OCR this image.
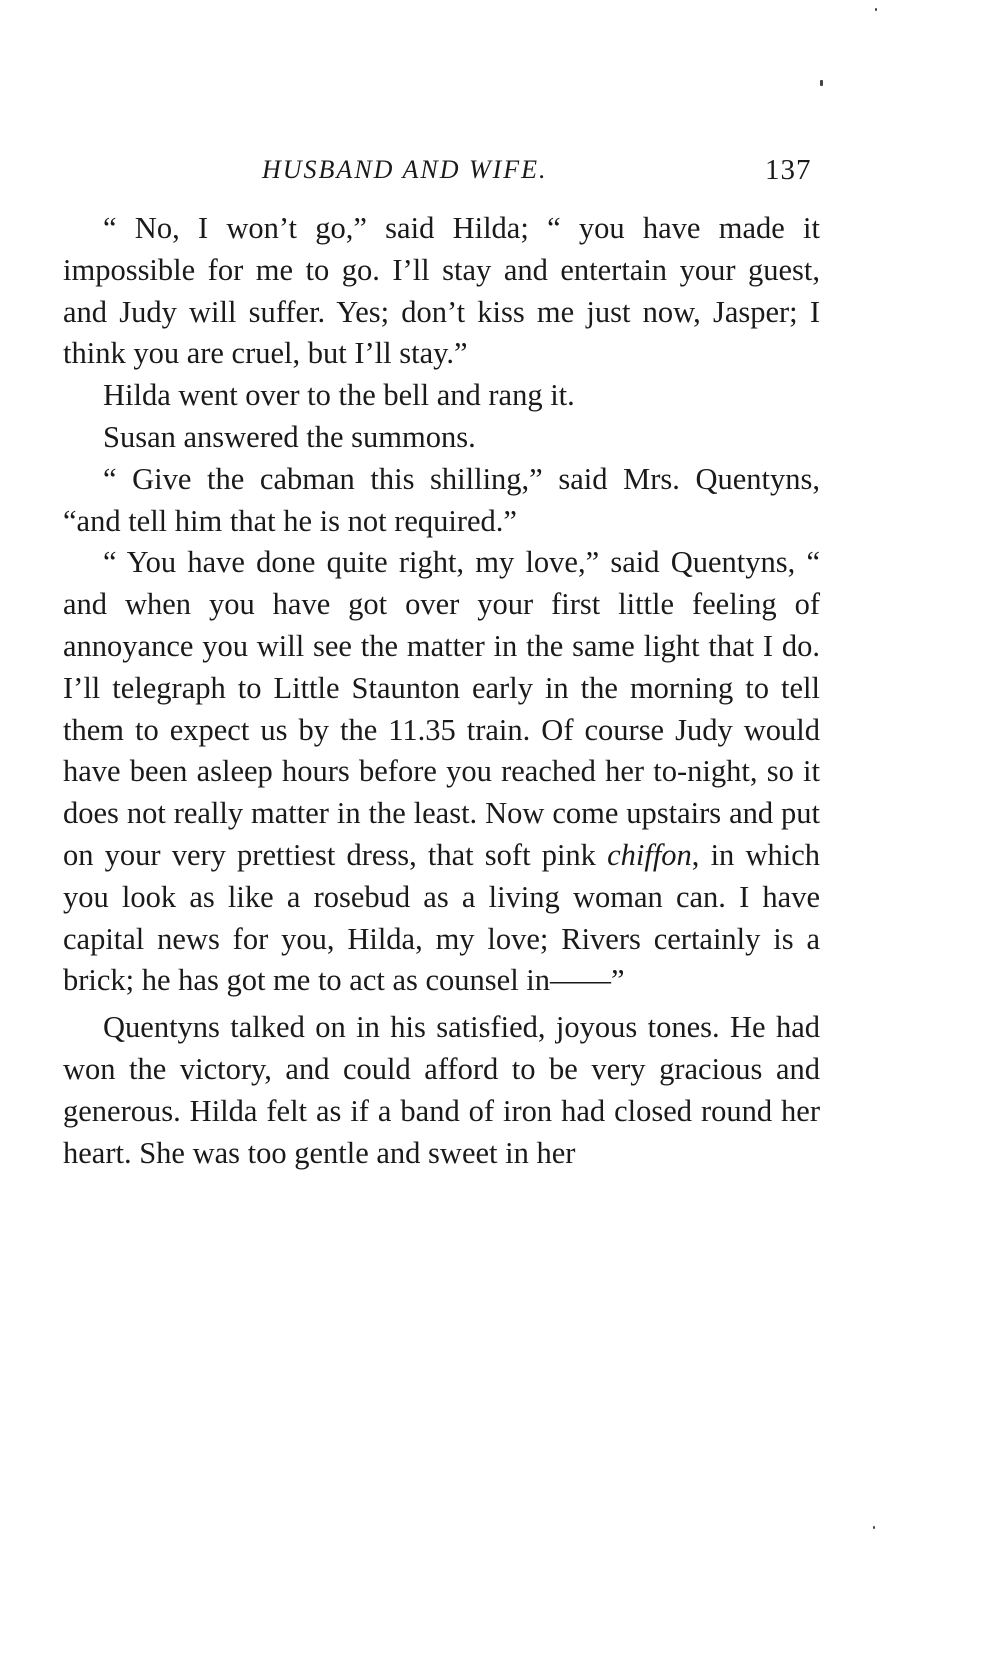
HUSBAND AND WIFE.	137

“ No, I won’t go,” said Hilda; “ you have made it impossible for me to go. I’ll stay and entertain your guest, and Judy will suffer. Yes; don’t kiss me just now, Jasper; I think you are cruel, but I’ll stay.”

Hilda went over to the bell and rang it.

Susan answered the summons.

“ Give the cabman this shilling,” said Mrs. Quentyns, “and tell him that he is not required.”

“ You have done quite right, my love,” said Quentyns, “ and when you have got over your first little feeling of annoyance you will see the matter in the same light that I do. I’ll telegraph to Little Staunton early in the morning to tell them to expect us by the 11.35 train. Of course Judy would have been asleep hours before you reached her to-night, so it does not really matter in the least. Now come upstairs and put on your very prettiest dress, that soft pink chiffon, in which you look as like a rosebud as a living woman can. I have capital news for you, Hilda, my love; Rivers certainly is a brick; he has got me to act as counsel in——”

Quentyns talked on in his satisfied, joyous tones. He had won the victory, and could afford to be very gracious and generous. Hilda felt as if a band of iron had closed round her heart. She was too gentle and sweet in her
